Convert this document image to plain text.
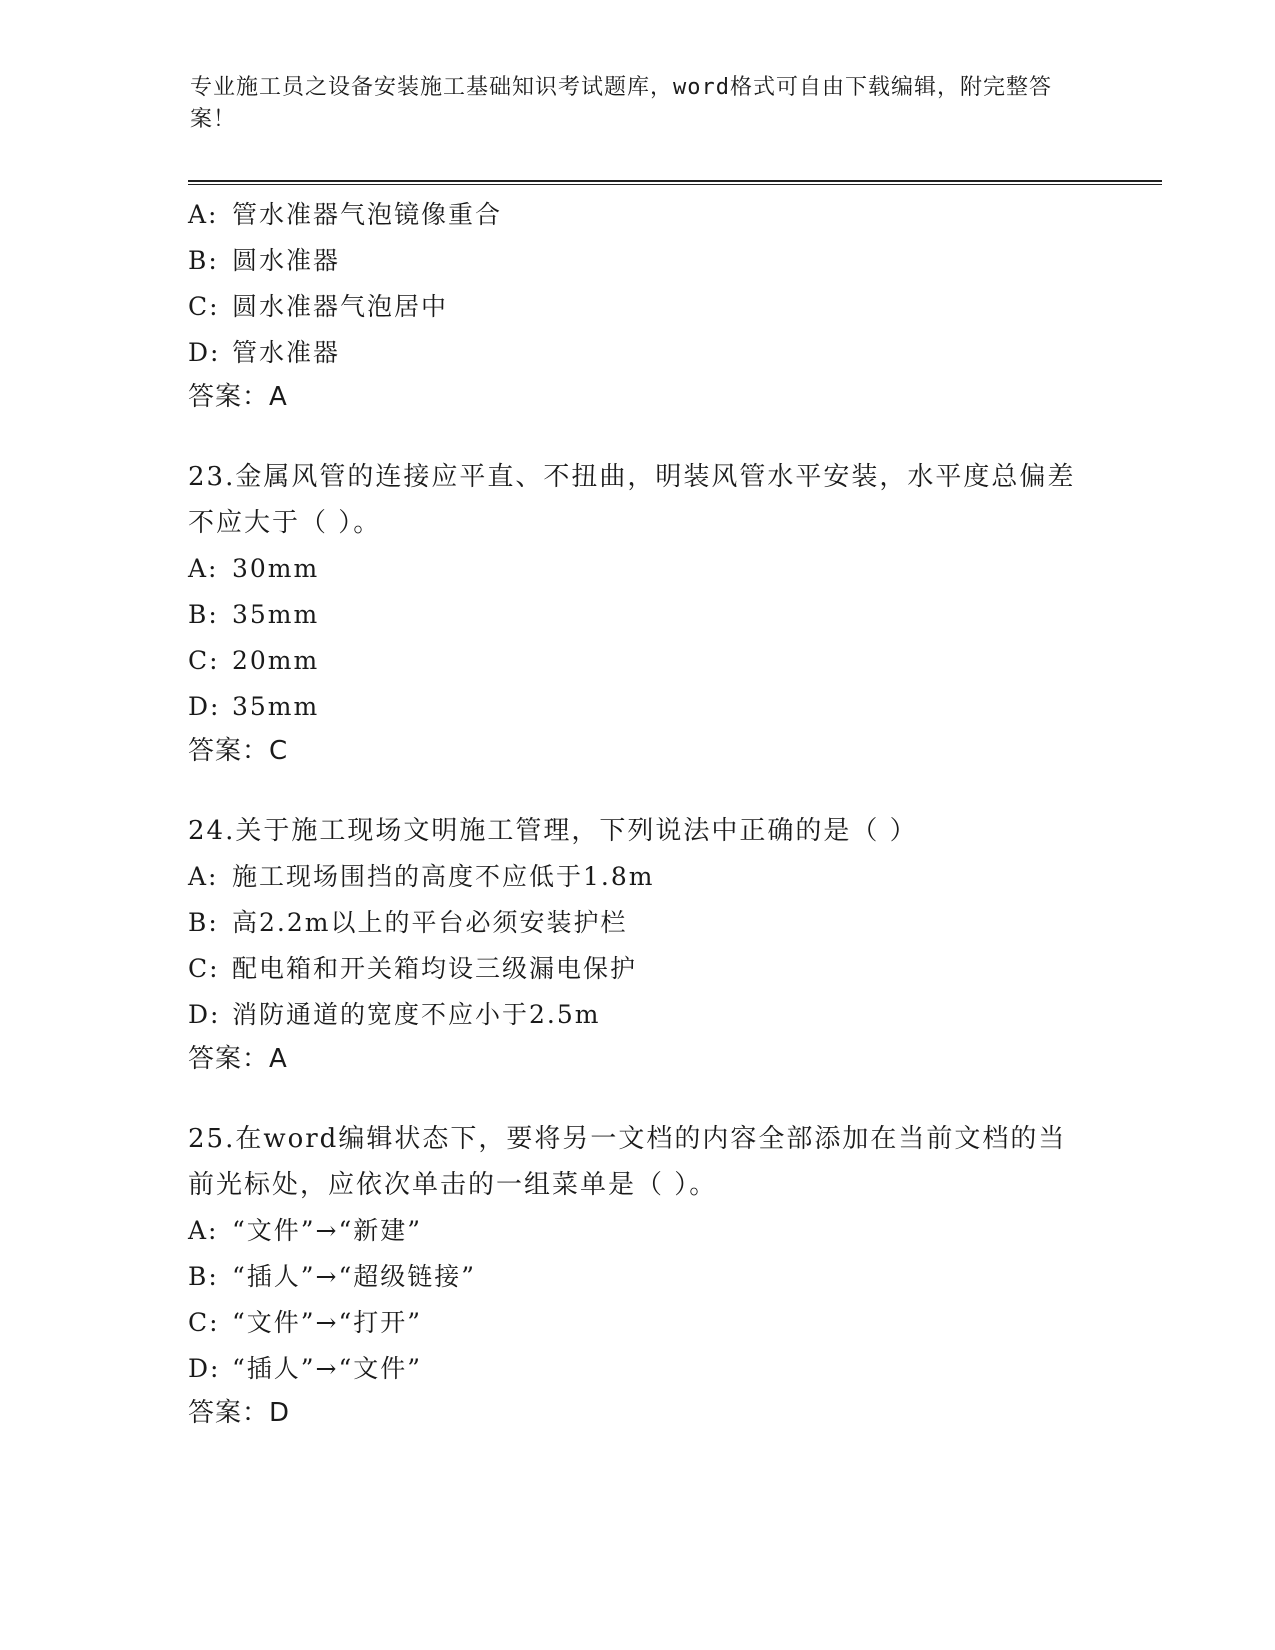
专业施工员之设备安装施工基础知识考试题库，word格式可自由下载编辑，附完整答案！
A: 管水准器气泡镜像重合
B: 圆水准器
C: 圆水准器气泡居中
D: 管水准器

答案：A

23.金属风管的连接应平直、不扭曲，明装风管水平安装，水平度总偏差不应大于（ ）。

A: 30mm
B: 35mm
C: 20mm
D: 35mm

答案：C

24.关于施工现场文明施工管理，下列说法中正确的是（ ）

A: 施工现场围挡的高度不应低于1.8m
B: 高2.2m以上的平台必须安装护栏
C: 配电箱和开关箱均设三级漏电保护
D: 消防通道的宽度不应小于2.5m

答案：A

25.在word编辑状态下，要将另一文档的内容全部添加在当前文档的当前光标处，应依次单击的一组菜单是（ ）。

A: “文件”→“新建”
B: “插人”→“超级链接”
C: “文件”→“打开”
D: “插人”→“文件”

答案：D
